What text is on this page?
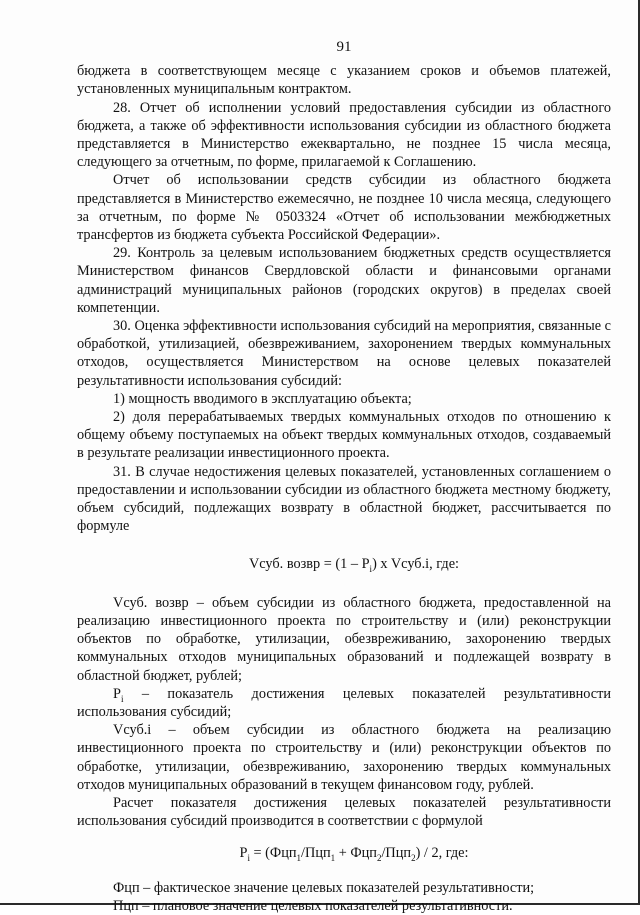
91

бюджета в соответствующем месяце с указанием сроков и объемов платежей, установленных муниципальным контрактом.

28. Отчет об исполнении условий предоставления субсидии из областного бюджета, а также об эффективности использования субсидии из областного бюджета представляется в Министерство ежеквартально, не позднее 15 числа месяца, следующего за отчетным, по форме, прилагаемой к Соглашению.

Отчет об использовании средств субсидии из областного бюджета представляется в Министерство ежемесячно, не позднее 10 числа месяца, следующего за отчетным, по форме № 0503324 «Отчет об использовании межбюджетных трансфертов из бюджета субъекта Российской Федерации».

29. Контроль за целевым использованием бюджетных средств осуществляется Министерством финансов Свердловской области и финансовыми органами администраций муниципальных районов (городских округов) в пределах своей компетенции.

30. Оценка эффективности использования субсидий на мероприятия, связанные с обработкой, утилизацией, обезвреживанием, захоронением твердых коммунальных отходов, осуществляется Министерством на основе целевых показателей результативности использования субсидий:

1) мощность вводимого в эксплуатацию объекта;

2) доля перерабатываемых твердых коммунальных отходов по отношению к общему объему поступаемых на объект твердых коммунальных отходов, создаваемый в результате реализации инвестиционного проекта.

31. В случае недостижения целевых показателей, установленных соглашением о предоставлении и использовании субсидии из областного бюджета местному бюджету, объем субсидий, подлежащих возврату в областной бюджет, рассчитывается по формуле

Vсуб. возвр = $(1 - P_i)$ x Vсуб.i, где:

Vсуб. возвр – объем субсидии из областного бюджета, предоставленной на реализацию инвестиционного проекта по строительству и (или) реконструкции объектов по обработке, утилизации, обезвреживанию, захоронению твердых коммунальных отходов муниципальных образований и подлежащей возврату в областной бюджет, рублей;

$P_i$ – показатель достижения целевых показателей результативности использования субсидий;

Vсуб.i – объем субсидии из областного бюджета на реализацию инвестиционного проекта по строительству и (или) реконструкции объектов по обработке, утилизации, обезвреживанию, захоронению твердых коммунальных отходов муниципальных образований в текущем финансовом году, рублей.

Расчет показателя достижения целевых показателей результативности использования субсидий производится в соответствии с формулой

$P_i = (Фцп_1/Пцп_1 + Фцп_2/Пцп_2) / 2$, где:

Фцп – фактическое значение целевых показателей результативности;

Пцп – плановое значение целевых показателей результативности.
